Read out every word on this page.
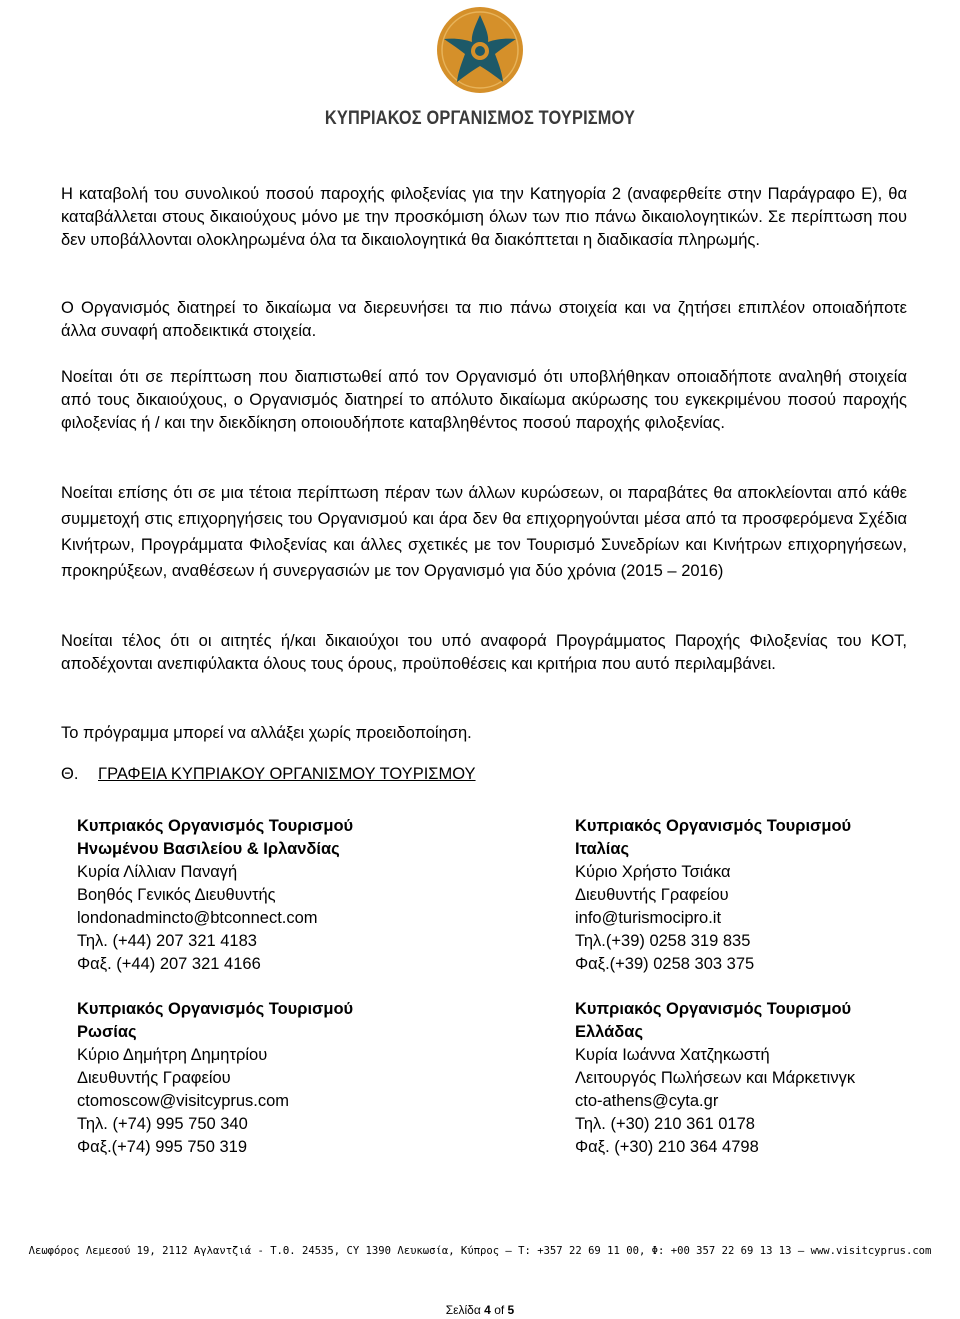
ΚΥΠΡΙΑΚΟΣ ΟΡΓΑΝΙΣΜΟΣ ΤΟΥΡΙΣΜΟΥ

Η καταβολή του συνολικού ποσού παροχής φιλοξενίας για την Κατηγορία 2 (αναφερθείτε στην Παράγραφο Ε), θα καταβάλλεται στους δικαιούχους μόνο με την προσκόμιση όλων των πιο πάνω δικαιολογητικών. Σε περίπτωση που δεν υποβάλλονται ολοκληρωμένα όλα τα δικαιολογητικά θα διακόπτεται η διαδικασία πληρωμής.

Ο Οργανισμός διατηρεί το δικαίωμα να διερευνήσει τα πιο πάνω στοιχεία και να ζητήσει επιπλέον οποιαδήποτε άλλα συναφή αποδεικτικά στοιχεία.

Νοείται ότι σε περίπτωση που διαπιστωθεί από τον Οργανισμό ότι υποβλήθηκαν οποιαδήποτε αναληθή στοιχεία από τους δικαιούχους, ο Οργανισμός διατηρεί το απόλυτο δικαίωμα ακύρωσης του εγκεκριμένου ποσού παροχής φιλοξενίας ή / και την διεκδίκηση οποιουδήποτε καταβληθέντος ποσού παροχής φιλοξενίας.

Νοείται επίσης ότι σε μια τέτοια περίπτωση πέραν των άλλων κυρώσεων, οι παραβάτες θα αποκλείονται από κάθε συμμετοχή στις επιχορηγήσεις του Οργανισμού και άρα δεν θα επιχορηγούνται μέσα από τα προσφερόμενα Σχέδια Κινήτρων, Προγράμματα Φιλοξενίας και άλλες σχετικές με τον Τουρισμό Συνεδρίων και Κινήτρων επιχορηγήσεων, προκηρύξεων, αναθέσεων ή συνεργασιών με τον Οργανισμό για δύο χρόνια (2015 – 2016)

Νοείται τέλος ότι οι αιτητές ή/και δικαιούχοι του υπό αναφορά Προγράμματος Παροχής Φιλοξενίας του ΚΟΤ, αποδέχονται ανεπιφύλακτα όλους τους όρους, προϋποθέσεις και κριτήρια που αυτό περιλαμβάνει.

Το πρόγραμμα μπορεί να αλλάξει χωρίς προειδοποίηση.

Θ. ΓΡΑΦΕΙΑ ΚΥΠΡΙΑΚΟΥ ΟΡΓΑΝΙΣΜΟΥ ΤΟΥΡΙΣΜΟΥ

Κυπριακός Οργανισμός Τουρισμού
Ηνωμένου Βασιλείου & Ιρλανδίας
Κυρία Λίλλιαν Παναγή
Βοηθός Γενικός Διευθυντής
londonadmincto@btconnect.com
Τηλ. (+44) 207 321 4183
Φαξ. (+44) 207 321 4166
Κυπριακός Οργανισμός Τουρισμού
Ιταλίας
Κύριο Χρήστο Τσιάκα
Διευθυντής Γραφείου
info@turismocipro.it
Τηλ.(+39) 0258 319 835
Φαξ.(+39) 0258 303 375
Κυπριακός Οργανισμός Τουρισμού
Ρωσίας
Κύριο Δημήτρη Δημητρίου
Διευθυντής Γραφείου
ctomoscow@visitcyprus.com
Τηλ. (+74) 995 750 340
Φαξ.(+74) 995 750 319
Κυπριακός Οργανισμός Τουρισμού
Ελλάδας
Κυρία Ιωάννα Χατζηκωστή
Λειτουργός Πωλήσεων και Μάρκετινγκ
cto-athens@cyta.gr
Τηλ. (+30) 210 361 0178
Φαξ. (+30) 210 364 4798
Λεωφόρος Λεμεσού 19, 2112 Αγλαντζιά - Τ.Θ. 24535, CY 1390 Λευκωσία, Κύπρος – Τ: +357 22 69 11 00, Φ: +00 357 22 69 13 13 – www.visitcyprus.com
Σελίδα 4 of 5
